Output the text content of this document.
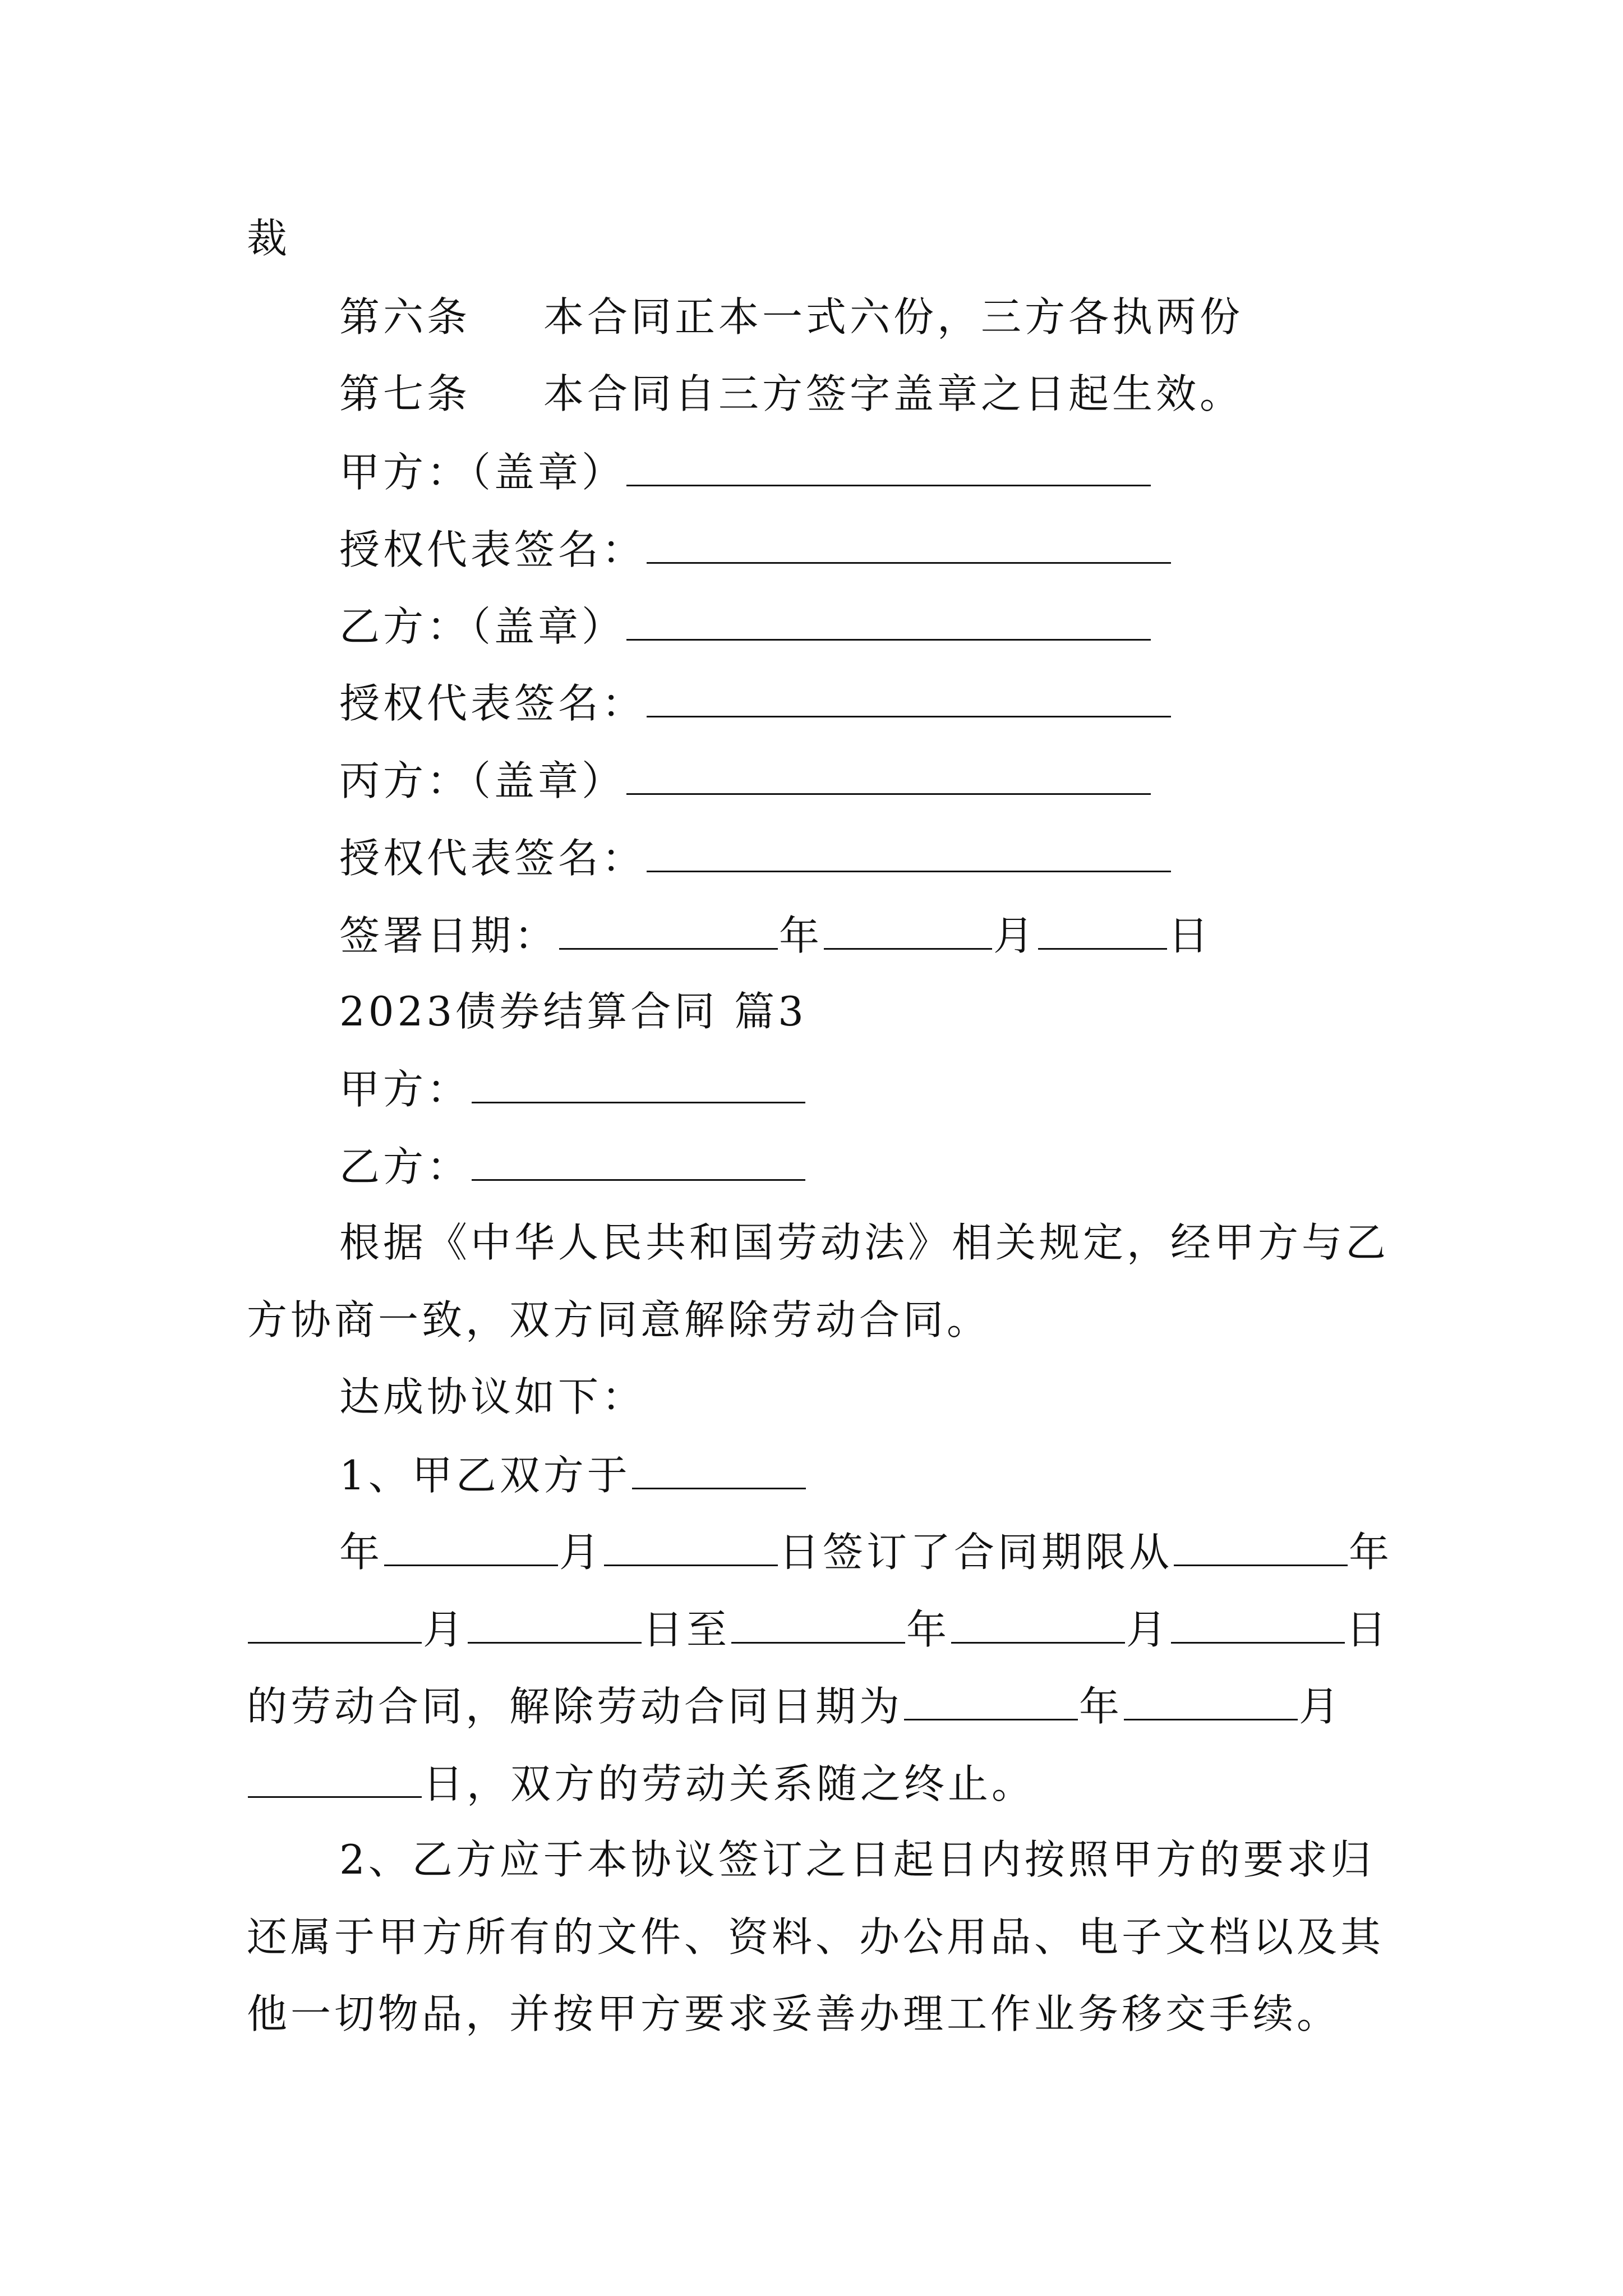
裁
第六条 本合同正本一式六份，三方各执两份
第七条 本合同自三方签字盖章之日起生效。
甲方：（盖章）
授权代表签名：
乙方：（盖章）
授权代表签名：
丙方：（盖章）
授权代表签名：
签署日期：	年	月	日
2023债券结算合同 篇3
甲方：
乙方：
根据《中华人民共和国劳动法》相关规定，经甲方与乙
方协商一致，双方同意解除劳动合同。
达成协议如下：
1、甲乙双方于
年	月	日签订了合同期限从	年
月	日至	年	月	日
的劳动合同，解除劳动合同日期为	年	月
日，双方的劳动关系随之终止。
2、乙方应于本协议签订之日起日内按照甲方的要求归
还属于甲方所有的文件、资料、办公用品、电子文档以及其
他一切物品，并按甲方要求妥善办理工作业务移交手续。
